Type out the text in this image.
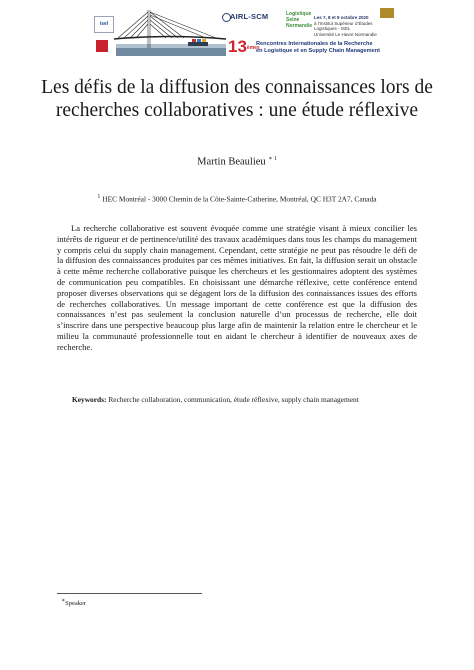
isel
AIRL-SCM	Logistique Seine Normandie
Les 7, 8 et 9 octobre 2020
à l’Institut Supérieur d’Études Logistiques - ISEL
Université Le Havre Normandie
13èmes
Rencontres Internationales de la Recherche
en Logistique et en Supply Chain Management
Les défis de la diffusion des connaissances lors de recherches collaboratives : une étude réflexive
Martin Beaulieu $^{∗ 1}$
$^1$ HEC Montréal - 3000 Chemin de la Côte-Sainte-Catherine, Montréal, QC H3T 2A7, Canada

La recherche collaborative est souvent évoquée comme une stratégie visant à mieux concilier les intérêts de rigueur et de pertinence/utilité des travaux académiques dans tous les champs du management y compris celui du supply chain management. Cependant, cette stratégie ne peut pas résoudre le défi de la diffusion des connaissances produites par ces mêmes initiatives. En fait, la diffusion serait un obstacle à cette même recherche collaborative puisque les chercheurs et les gestionnaires adoptent des systèmes de communication peu compatibles. En choisissant une démarche réflexive, cette conférence entend proposer diverses observations qui se dégagent lors de la diffusion des connaissances issues des efforts de recherches collaboratives. Un message important de cette conférence est que la diffusion des connaissances n’est pas seulement la conclusion naturelle d’un processus de recherche, elle doit s’inscrire dans une perspective beaucoup plus large afin de maintenir la relation entre le chercheur et le milieu la communauté professionnelle tout en aidant le chercheur à identifier de nouveaux axes de recherche.

Keywords: Recherche collaboration, communication, étude réflexive, supply chain management
∗Speaker
